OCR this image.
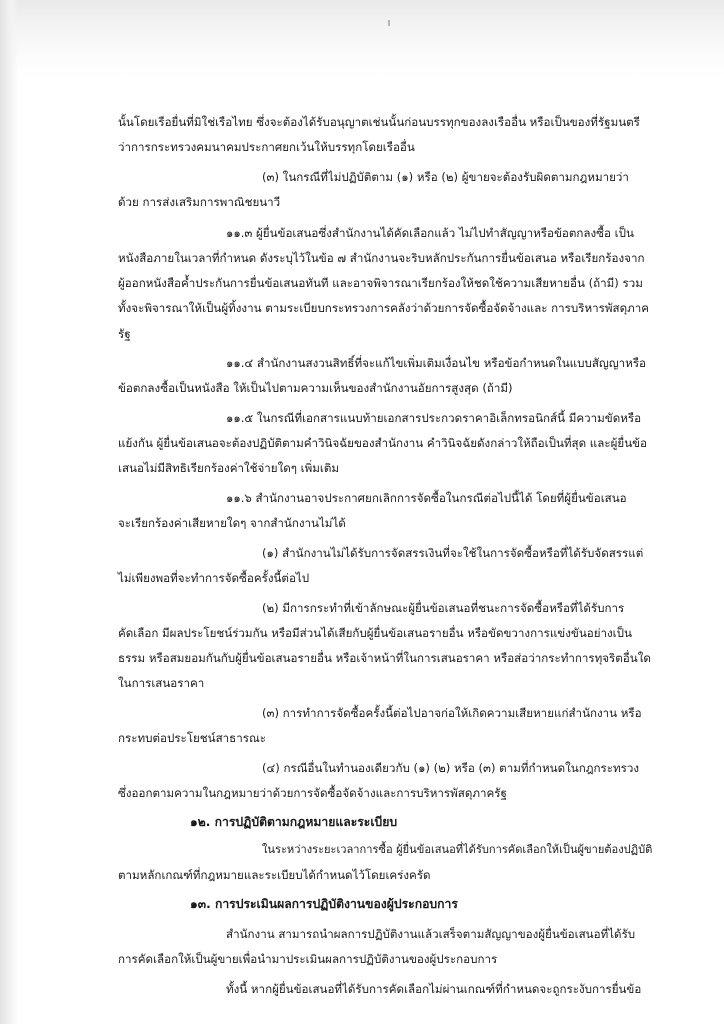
นั้นโดยเรือยื่นที่มิใช่เรือไทย ซึ่งจะต้องได้รับอนุญาตเช่นนั้นก่อนบรรทุกของลงเรืออื่น หรือเป็นของที่รัฐมนตรี
ว่าการกระทรวงคมนาคมประกาศยกเว้นให้บรรทุกโดยเรืออื่น
(๓) ในกรณีที่ไม่ปฏิบัติตาม (๑) หรือ (๒) ผู้ขายจะต้องรับผิดตามกฎหมายว่า
ด้วย การส่งเสริมการพาณิชยนาวี
๑๑.๓ ผู้ยื่นข้อเสนอซึ่งสำนักงานได้คัดเลือกแล้ว ไม่ไปทำสัญญาหรือข้อตกลงซื้อ เป็น
หนังสือภายในเวลาที่กำหนด ดังระบุไว้ในข้อ ๗ สำนักงานจะริบหลักประกันการยื่นข้อเสนอ หรือเรียกร้องจาก
ผู้ออกหนังสือค้ำประกันการยื่นข้อเสนอทันที และอาจพิจารณาเรียกร้องให้ชดใช้ความเสียหายอื่น (ถ้ามี) รวม
ทั้งจะพิจารณาให้เป็นผู้ทิ้งงาน ตามระเบียบกระทรวงการคลังว่าด้วยการจัดซื้อจัดจ้างและ การบริหารพัสดุภาค
รัฐ
๑๑.๔ สำนักงานสงวนสิทธิ์ที่จะแก้ไขเพิ่มเติมเงื่อนไข หรือข้อกำหนดในแบบสัญญาหรือ
ข้อตกลงซื้อเป็นหนังสือ ให้เป็นไปตามความเห็นของสำนักงานอัยการสูงสุด (ถ้ามี)
๑๑.๕ ในกรณีที่เอกสารแนบท้ายเอกสารประกวดราคาอิเล็กทรอนิกส์นี้ มีความขัดหรือ
แย้งกัน ผู้ยื่นข้อเสนอจะต้องปฏิบัติตามคำวินิจฉัยของสำนักงาน คำวินิจฉัยดังกล่าวให้ถือเป็นที่สุด และผู้ยื่นข้อ
เสนอไม่มีสิทธิเรียกร้องค่าใช้จ่ายใดๆ เพิ่มเติม
๑๑.๖ สำนักงานอาจประกาศยกเลิกการจัดซื้อในกรณีต่อไปนี้ได้ โดยที่ผู้ยื่นข้อเสนอ
จะเรียกร้องค่าเสียหายใดๆ จากสำนักงานไม่ได้
(๑) สำนักงานไม่ได้รับการจัดสรรเงินที่จะใช้ในการจัดซื้อหรือที่ได้รับจัดสรรแต่
ไม่เพียงพอที่จะทำการจัดซื้อครั้งนี้ต่อไป
(๒) มีการกระทำที่เข้าลักษณะผู้ยื่นข้อเสนอที่ชนะการจัดซื้อหรือที่ได้รับการ
คัดเลือก มีผลประโยชน์ร่วมกัน หรือมีส่วนได้เสียกับผู้ยื่นข้อเสนอรายอื่น หรือขัดขวางการแข่งขันอย่างเป็น
ธรรม หรือสมยอมกันกับผู้ยื่นข้อเสนอรายอื่น หรือเจ้าหน้าที่ในการเสนอราคา หรือส่อว่ากระทำการทุจริตอื่นใด
ในการเสนอราคา
(๓) การทำการจัดซื้อครั้งนี้ต่อไปอาจก่อให้เกิดความเสียหายแก่สำนักงาน หรือ
กระทบต่อประโยชน์สาธารณะ
(๔) กรณีอื่นในทำนองเดียวกับ (๑) (๒) หรือ (๓) ตามที่กำหนดในกฎกระทรวง
ซึ่งออกตามความในกฎหมายว่าด้วยการจัดซื้อจัดจ้างและการบริหารพัสดุภาครัฐ
๑๒. การปฏิบัติตามกฎหมายและระเบียบ
ในระหว่างระยะเวลาการซื้อ ผู้ยื่นข้อเสนอที่ได้รับการคัดเลือกให้เป็นผู้ขายต้องปฏิบัติ
ตามหลักเกณฑ์ที่กฎหมายและระเบียบได้กำหนดไว้โดยเคร่งครัด
๑๓. การประเมินผลการปฏิบัติงานของผู้ประกอบการ
สำนักงาน สามารถนำผลการปฏิบัติงานแล้วเสร็จตามสัญญาของผู้ยื่นข้อเสนอที่ได้รับ
การคัดเลือกให้เป็นผู้ขายเพื่อนำมาประเมินผลการปฏิบัติงานของผู้ประกอบการ
ทั้งนี้ หากผู้ยื่นข้อเสนอที่ได้รับการคัดเลือกไม่ผ่านเกณฑ์ที่กำหนดจะถูกระงับการยื่นข้อ
